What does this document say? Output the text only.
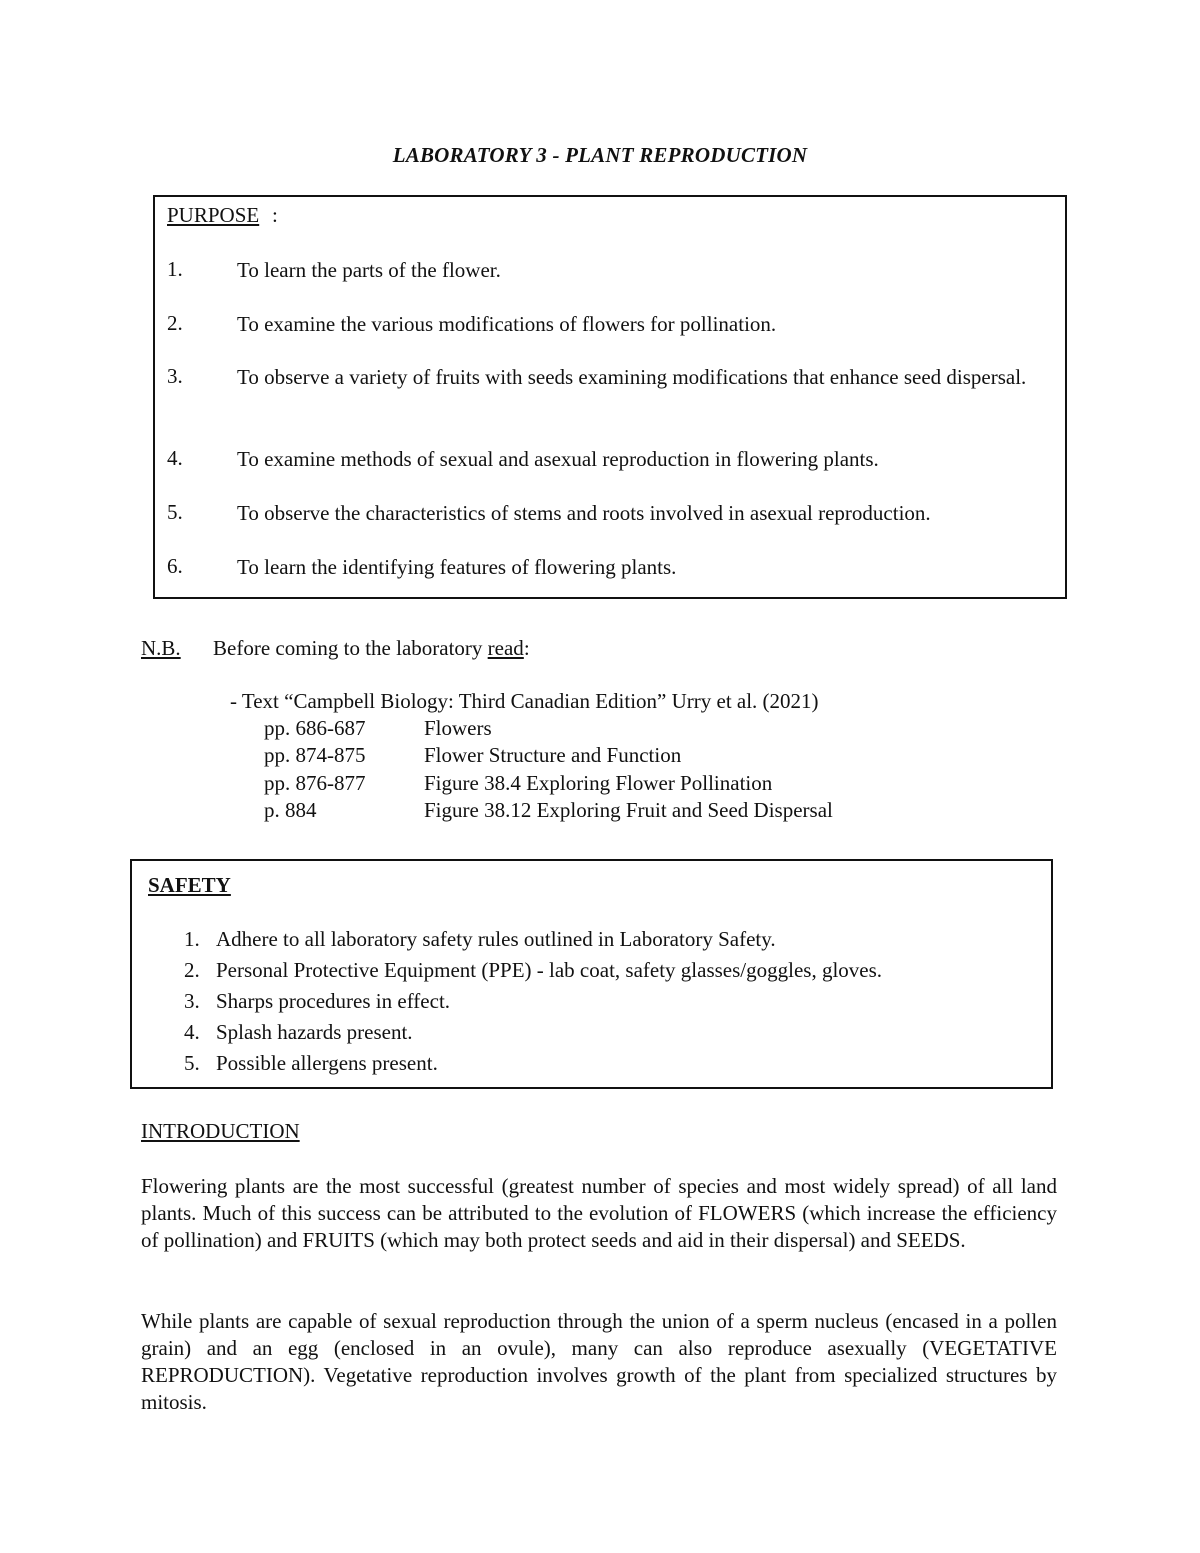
LABORATORY 3 - PLANT REPRODUCTION
PURPOSE :
1.	To learn the parts of the flower.
2.	To examine the various modifications of flowers for pollination.
3.	To observe a variety of fruits with seeds examining modifications that enhance seed dispersal.
4.	To examine methods of sexual and asexual reproduction in flowering plants.
5.	To observe the characteristics of stems and roots involved in asexual reproduction.
6.	To learn the identifying features of flowering plants.
N.B. Before coming to the laboratory read:
- Text “Campbell Biology: Third Canadian Edition” Urry et al. (2021)
pp. 686-687	Flowers
pp. 874-875	Flower Structure and Function
pp. 876-877	Figure 38.4 Exploring Flower Pollination
p. 884	Figure 38.12 Exploring Fruit and Seed Dispersal
SAFETY
1. Adhere to all laboratory safety rules outlined in Laboratory Safety.
2. Personal Protective Equipment (PPE) - lab coat, safety glasses/goggles, gloves.
3. Sharps procedures in effect.
4. Splash hazards present.
5. Possible allergens present.
INTRODUCTION
Flowering plants are the most successful (greatest number of species and most widely spread) of all land plants. Much of this success can be attributed to the evolution of FLOWERS (which increase the efficiency of pollination) and FRUITS (which may both protect seeds and aid in their dispersal) and SEEDS.
While plants are capable of sexual reproduction through the union of a sperm nucleus (encased in a pollen grain) and an egg (enclosed in an ovule), many can also reproduce asexually (VEGETATIVE REPRODUCTION). Vegetative reproduction involves growth of the plant from specialized structures by mitosis.
